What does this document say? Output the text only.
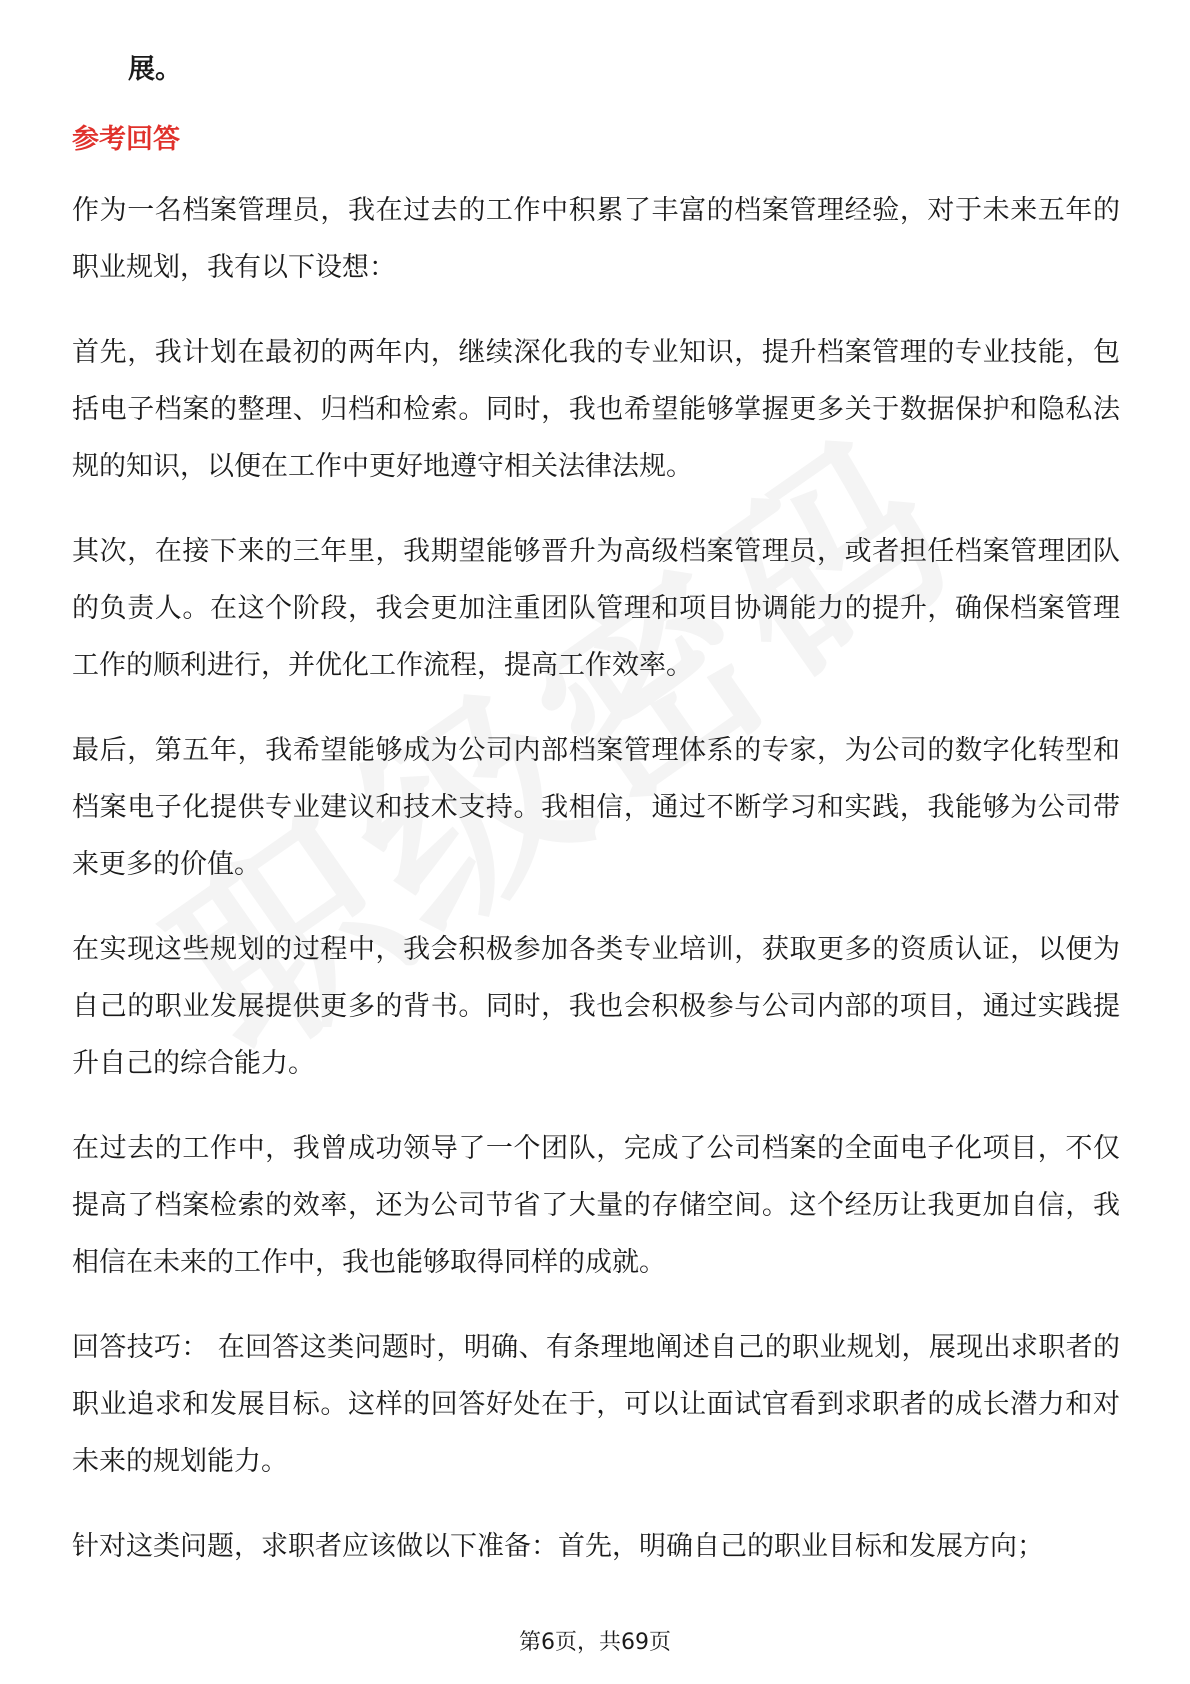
展。

参考回答

作为一名档案管理员，我在过去的工作中积累了丰富的档案管理经验，对于未来五年的职业规划，我有以下设想：

首先，我计划在最初的两年内，继续深化我的专业知识，提升档案管理的专业技能，包括电子档案的整理、归档和检索。同时，我也希望能够掌握更多关于数据保护和隐私法规的知识，以便在工作中更好地遵守相关法律法规。

其次，在接下来的三年里，我期望能够晋升为高级档案管理员，或者担任档案管理团队的负责人。在这个阶段，我会更加注重团队管理和项目协调能力的提升，确保档案管理工作的顺利进行，并优化工作流程，提高工作效率。

最后，第五年，我希望能够成为公司内部档案管理体系的专家，为公司的数字化转型和档案电子化提供专业建议和技术支持。我相信，通过不断学习和实践，我能够为公司带来更多的价值。

在实现这些规划的过程中，我会积极参加各类专业培训，获取更多的资质认证，以便为自己的职业发展提供更多的背书。同时，我也会积极参与公司内部的项目，通过实践提升自己的综合能力。

在过去的工作中，我曾成功领导了一个团队，完成了公司档案的全面电子化项目，不仅提高了档案检索的效率，还为公司节省了大量的存储空间。这个经历让我更加自信，我相信在未来的工作中，我也能够取得同样的成就。

回答技巧： 在回答这类问题时，明确、有条理地阐述自己的职业规划，展现出求职者的职业追求和发展目标。这样的回答好处在于，可以让面试官看到求职者的成长潜力和对未来的规划能力。

针对这类问题，求职者应该做以下准备：首先，明确自己的职业目标和发展方向；

第6页，共69页
